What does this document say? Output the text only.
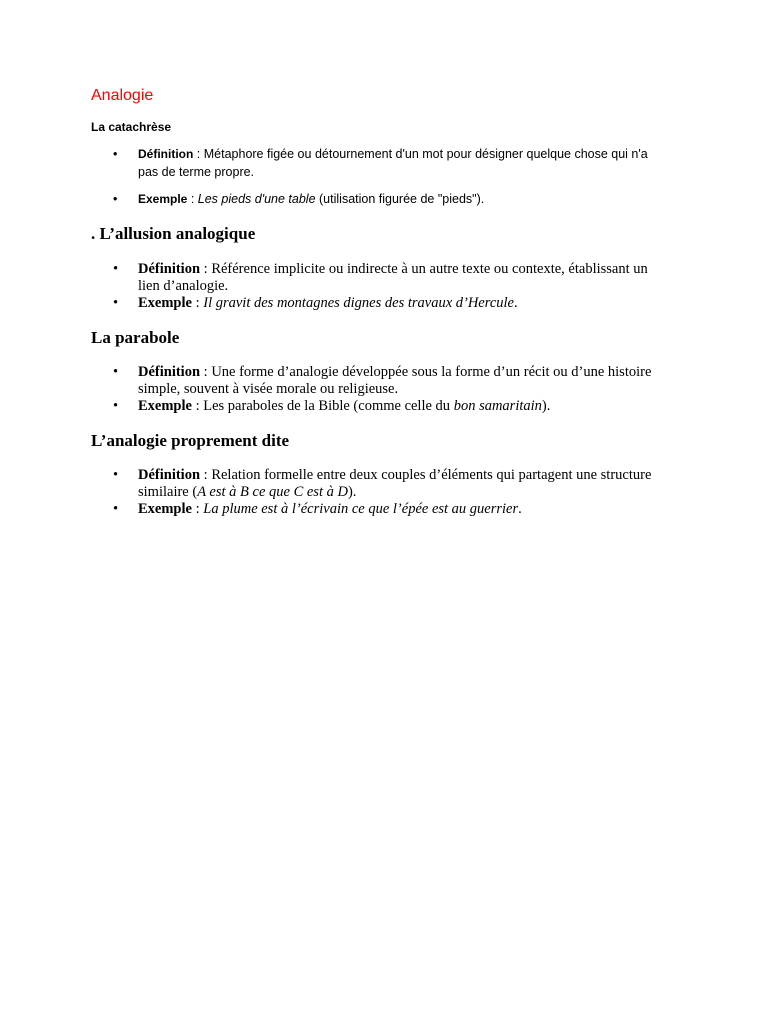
Analogie
La catachrèse
• Définition : Métaphore figée ou détournement d'un mot pour désigner quelque chose qui n'a pas de terme propre.
• Exemple : Les pieds d'une table (utilisation figurée de "pieds").
. L’allusion analogique
• Définition : Référence implicite ou indirecte à un autre texte ou contexte, établissant un lien d’analogie.
• Exemple : Il gravit des montagnes dignes des travaux d’Hercule.
La parabole
• Définition : Une forme d’analogie développée sous la forme d’un récit ou d’une histoire simple, souvent à visée morale ou religieuse.
• Exemple : Les paraboles de la Bible (comme celle du bon samaritain).
L’analogie proprement dite
• Définition : Relation formelle entre deux couples d’éléments qui partagent une structure similaire (A est à B ce que C est à D).
• Exemple : La plume est à l’écrivain ce que l’épée est au guerrier.
